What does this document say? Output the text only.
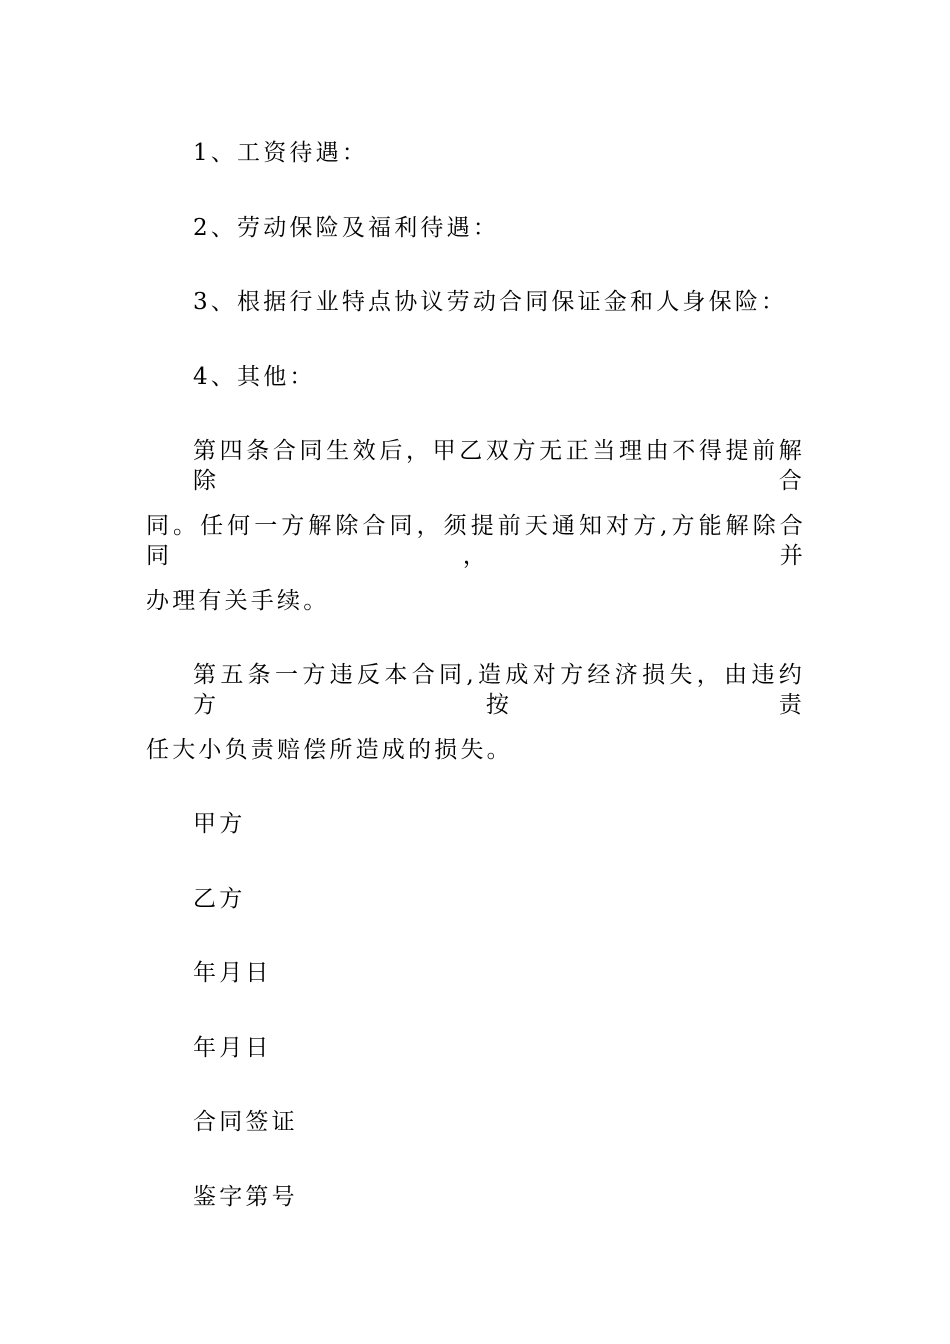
1、工资待遇：
2、劳动保险及福利待遇：
3、根据行业特点协议劳动合同保证金和人身保险：
4、其他：
第四条合同生效后，甲乙双方无正当理由不得提前解除合
同。任何一方解除合同，须提前天通知对方,方能解除合同，并
办理有关手续。
第五条一方违反本合同,造成对方经济损失，由违约方按责
任大小负责赔偿所造成的损失。
甲方
乙方
年月日
年月日
合同签证
鉴字第号
